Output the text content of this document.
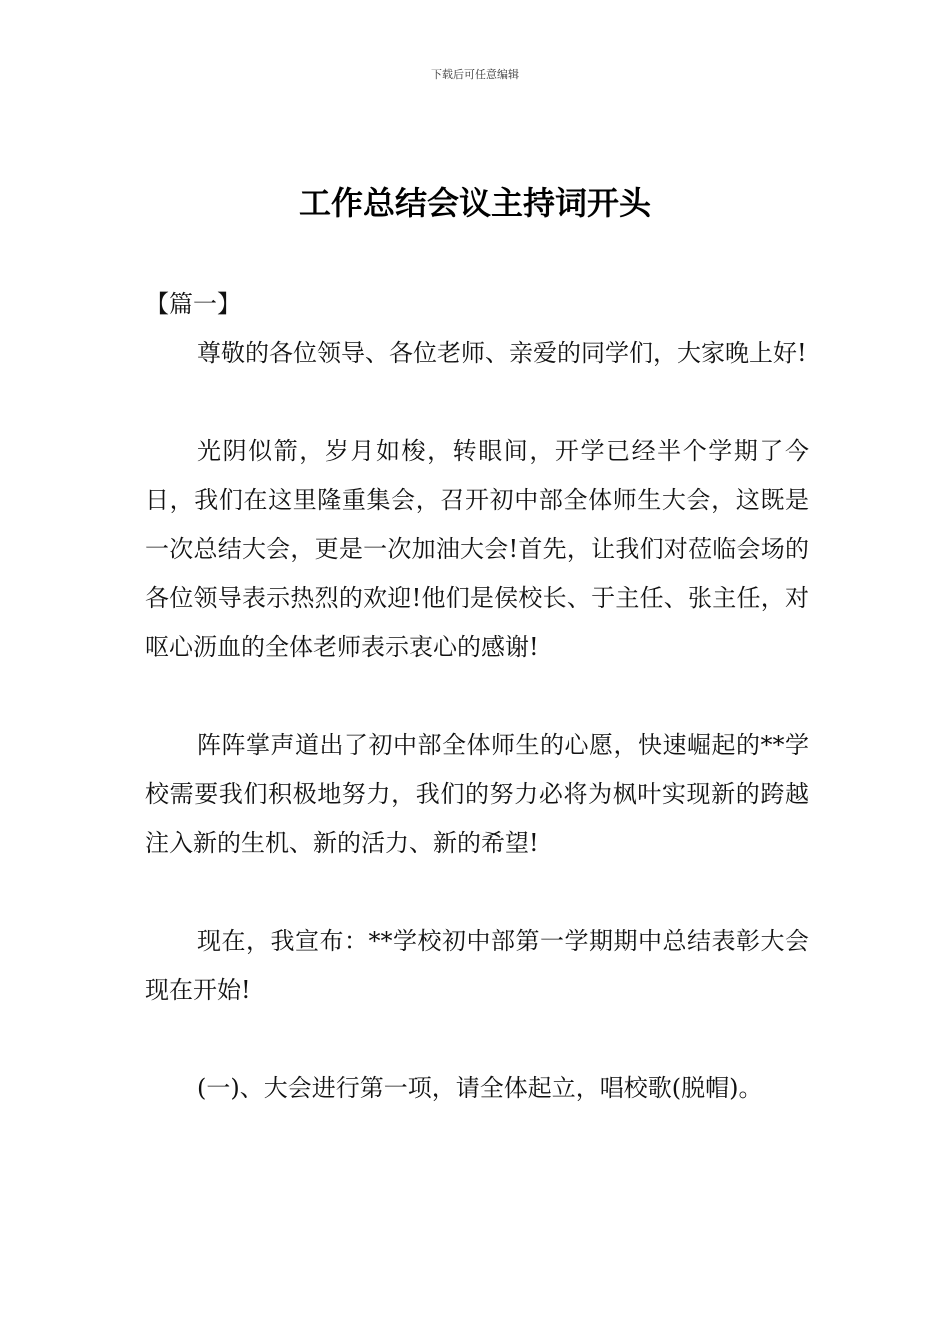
下载后可任意编辑
工作总结会议主持词开头

【篇一】

尊敬的各位领导、各位老师、亲爱的同学们，大家晚上好!

光阴似箭，岁月如梭，转眼间，开学已经半个学期了今日，我们在这里隆重集会，召开初中部全体师生大会，这既是一次总结大会，更是一次加油大会!首先，让我们对莅临会场的各位领导表示热烈的欢迎!他们是侯校长、于主任、张主任，对呕心沥血的全体老师表示衷心的感谢!

阵阵掌声道出了初中部全体师生的心愿，快速崛起的**学校需要我们积极地努力，我们的努力必将为枫叶实现新的跨越注入新的生机、新的活力、新的希望!

现在，我宣布：**学校初中部第一学期期中总结表彰大会现在开始!

(一)、大会进行第一项，请全体起立，唱校歌(脱帽)。
